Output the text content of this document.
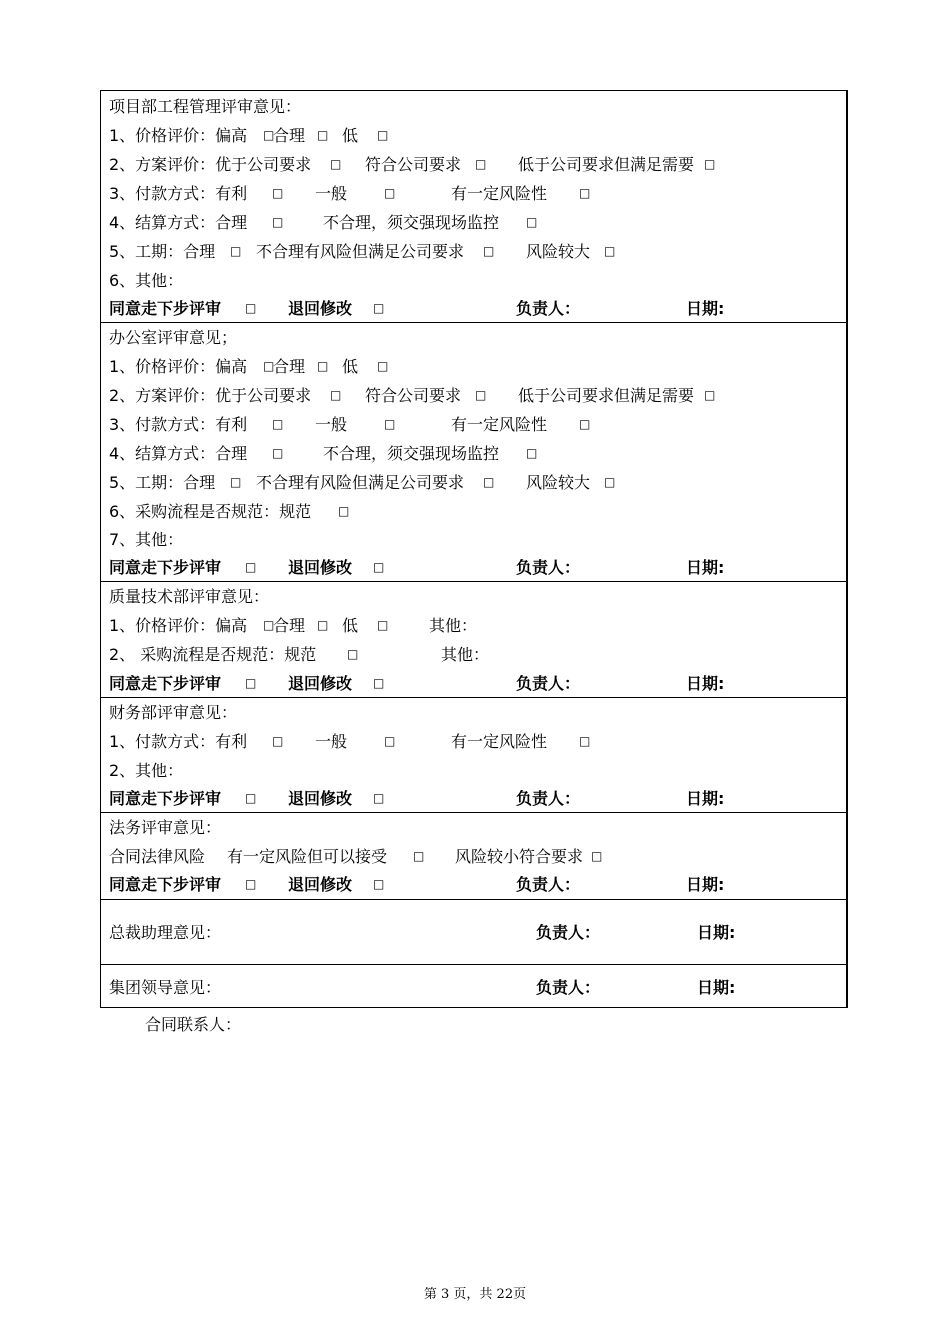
项目部工程管理评审意见：
1、价格评价：偏高 □
合理 □ 低 □
2、方案评价：优于公司要求 □ 符合公司要求 □ 低于公司要求但满足需要 □
3、付款方式：有利 □ 一般	□	有一定风险性	□
4、结算方式：合理 □ 不合理，须交强现场监控 □
5、工期：合理 □ 不合理有风险但满足公司要求 □ 风险较大 □
6、其他：
同意走下步评审 □ 退回修改 □	负责人：	日期:
办公室评审意见；
1、价格评价：偏高 □
合理 □ 低 □
2、方案评价：优于公司要求 □ 符合公司要求 □ 低于公司要求但满足需要 □
3、付款方式：有利 □ 一般	□	有一定风险性	□
4、结算方式：合理 □ 不合理，须交强现场监控 □
5、工期：合理 □ 不合理有风险但满足公司要求 □ 风险较大 □
6、采购流程是否规范：规范 □
7、其他：
同意走下步评审 □ 退回修改 □	负责人：	日期:
质量技术部评审意见：
1、价格评价：偏高 □
合理 □ 低 □	其他：
2、 采购流程是否规范：规范	□	其他：
同意走下步评审 □ 退回修改 □	负责人：	日期:
财务部评审意见：
1、付款方式：有利 □ 一般	□	有一定风险性	□
2、其他：
同意走下步评审 □ 退回修改 □	负责人：	日期:
法务评审意见：
合同法律风险 有一定风险但可以接受 □ 风险较小符合要求 □
同意走下步评审 □ 退回修改 □	负责人：	日期:
总裁助理意见：	负责人：	日期:
集团领导意见：	负责人：	日期:
合同联系人：
第 3 页，共 22页
